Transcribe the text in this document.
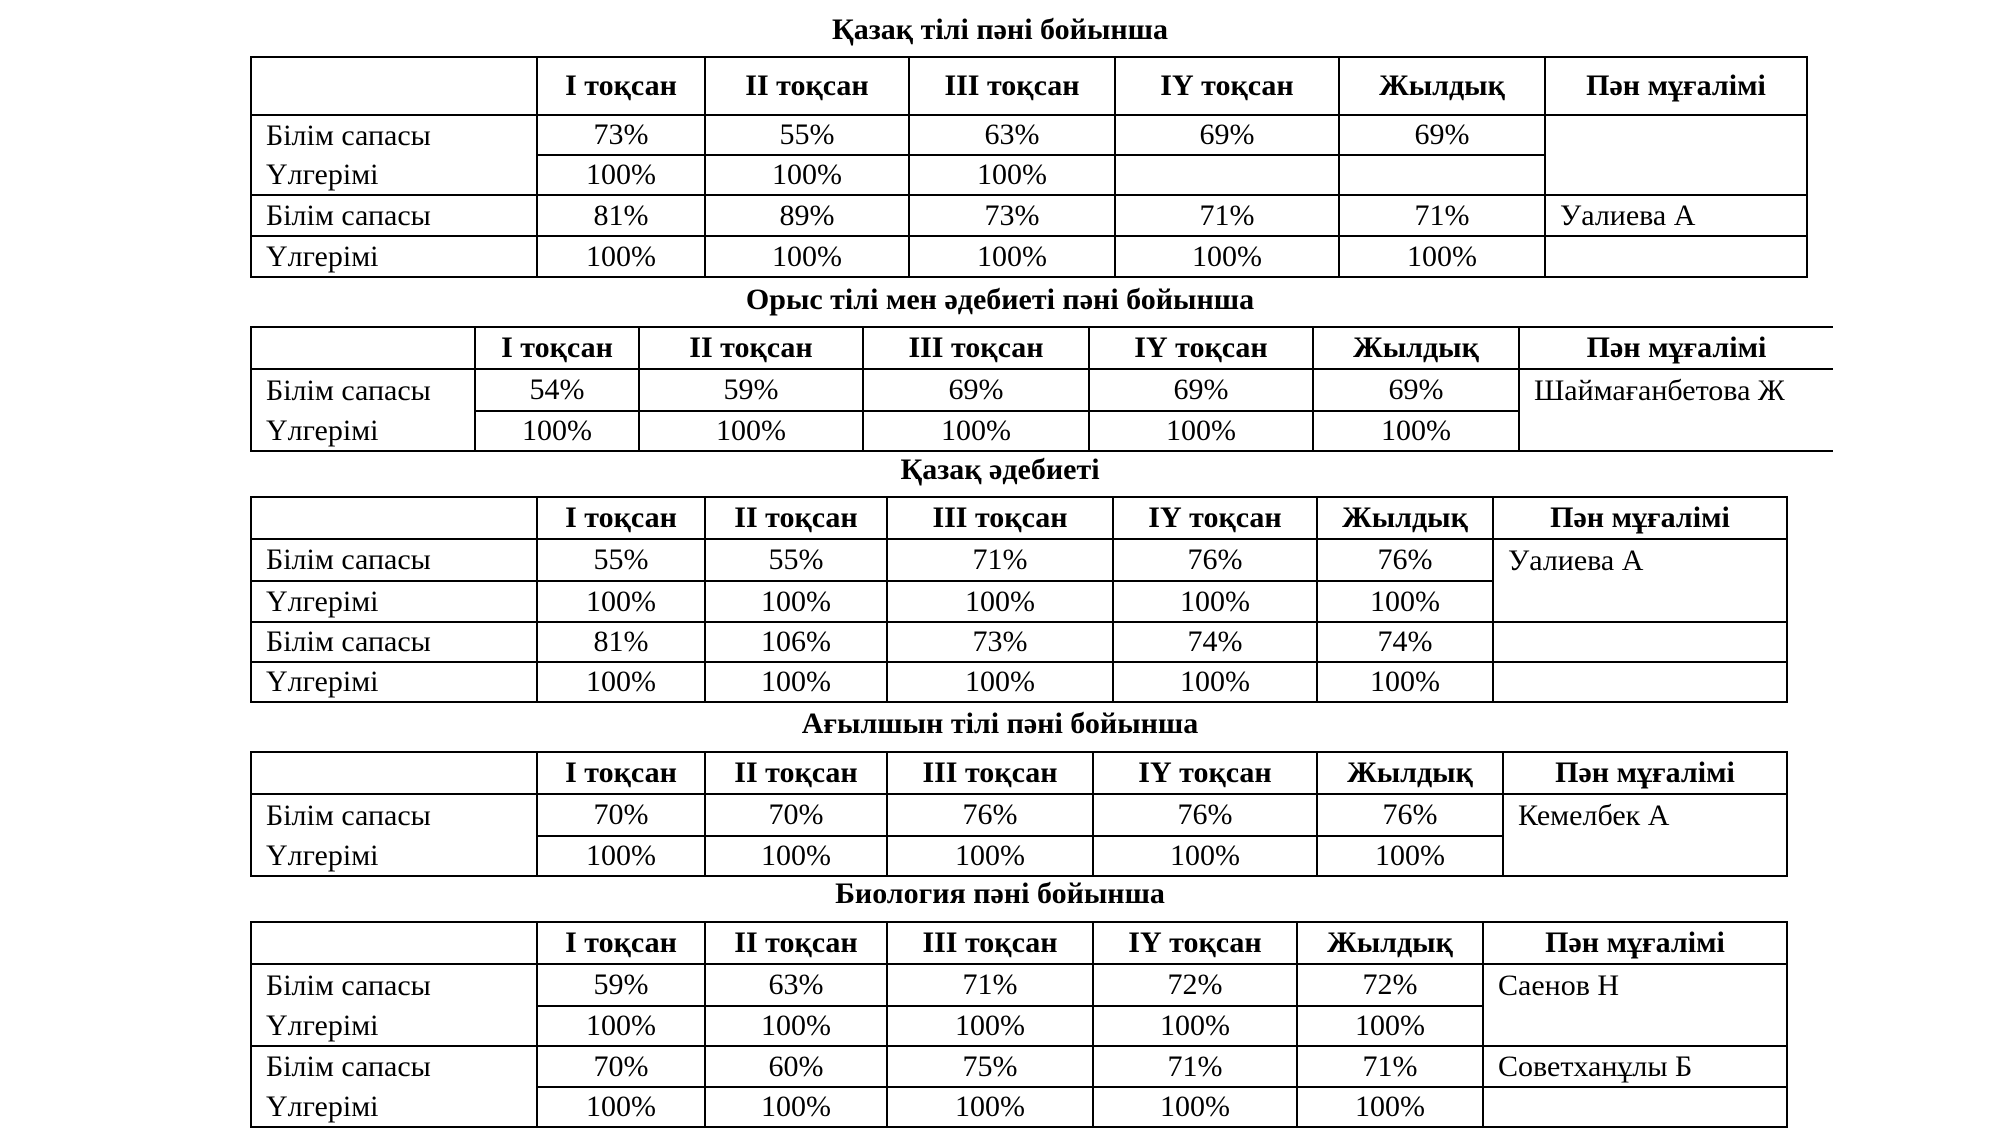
Қазақ тілі пәні бойынша
	І тоқсан	ІІ тоқсан	ІІІ тоқсан	ІҮ тоқсан	Жылдық	Пән мұғалімі
Білім сапасы	73%	55%	63%	69%	69%	
Үлгерімі	100%	100%	100%			
Білім сапасы	81%	89%	73%	71%	71%	Уалиева А
Үлгерімі	100%	100%	100%	100%	100%	
Орыс тілі мен әдебиеті пәні бойынша
	І тоқсан	ІІ тоқсан	ІІІ тоқсан	ІҮ тоқсан	Жылдық	Пән мұғалімі
Білім сапасы	54%	59%	69%	69%	69%	Шаймағанбетова Ж
Үлгерімі	100%	100%	100%	100%	100%	
Қазақ әдебиеті
	І тоқсан	ІІ тоқсан	ІІІ тоқсан	ІҮ тоқсан	Жылдық	Пән мұғалімі
Білім сапасы	55%	55%	71%	76%	76%	Уалиева А
Үлгерімі	100%	100%	100%	100%	100%	
Білім сапасы	81%	106%	73%	74%	74%	
Үлгерімі	100%	100%	100%	100%	100%	
Ағылшын тілі пәні бойынша
	І тоқсан	ІІ тоқсан	ІІІ тоқсан	ІҮ тоқсан	Жылдық	Пән мұғалімі
Білім сапасы	70%	70%	76%	76%	76%	Кемелбек А
Үлгерімі	100%	100%	100%	100%	100%	
Биология пәні бойынша
	І тоқсан	ІІ тоқсан	ІІІ тоқсан	ІҮ тоқсан	Жылдық	Пән мұғалімі
Білім сапасы	59%	63%	71%	72%	72%	Саенов Н
Үлгерімі	100%	100%	100%	100%	100%	
Білім сапасы	70%	60%	75%	71%	71%	Советханұлы Б
Үлгерімі	100%	100%	100%	100%	100%	
